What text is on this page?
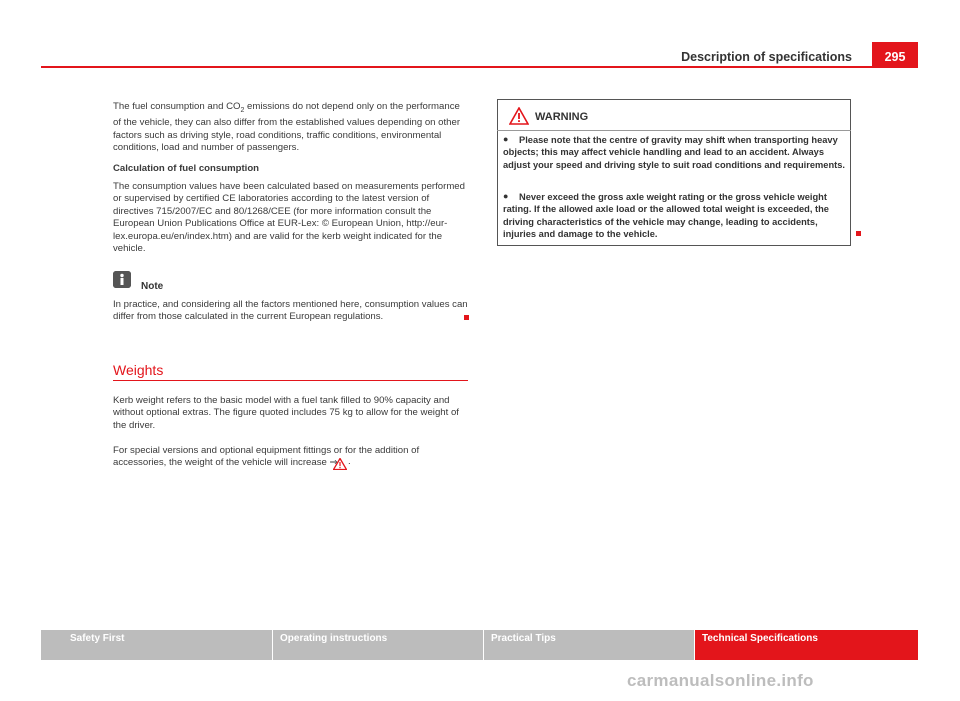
Description of specifications	295

The fuel consumption and $CO_2$ emissions do not depend only on the performance of the vehicle, they can also differ from the established values depending on other factors such as driving style, road conditions, traffic conditions, environmental conditions, load and number of passengers.

Calculation of fuel consumption

The consumption values have been calculated based on measurements performed or supervised by certified CE laboratories according to the latest version of directives 715/2007/EC and 80/1268/CEE (for more information consult the European Union Publications Office at EUR-Lex: © European Union, http://eur-lex.europa.eu/en/index.htm) and are valid for the kerb weight indicated for the vehicle.

Note

In practice, and considering all the factors mentioned here, consumption values can differ from those calculated in the current European regulations.

Weights

Kerb weight refers to the basic model with a fuel tank filled to 90% capacity and without optional extras. The figure quoted includes 75 kg to allow for the weight of the driver.

For special versions and optional equipment fittings or for the addition of accessories, the weight of the vehicle will increase ⇒	.
WARNING
●	Please note that the centre of gravity may shift when transporting heavy objects; this may affect vehicle handling and lead to an accident. Always adjust your speed and driving style to suit road conditions and requirements.

●	Never exceed the gross axle weight rating or the gross vehicle weight rating. If the allowed axle load or the allowed total weight is exceeded, the driving characteristics of the vehicle may change, leading to accidents, injuries and damage to the vehicle.

Safety First	Operating instructions	Practical Tips	Technical Specifications
carmanualsonline.info
